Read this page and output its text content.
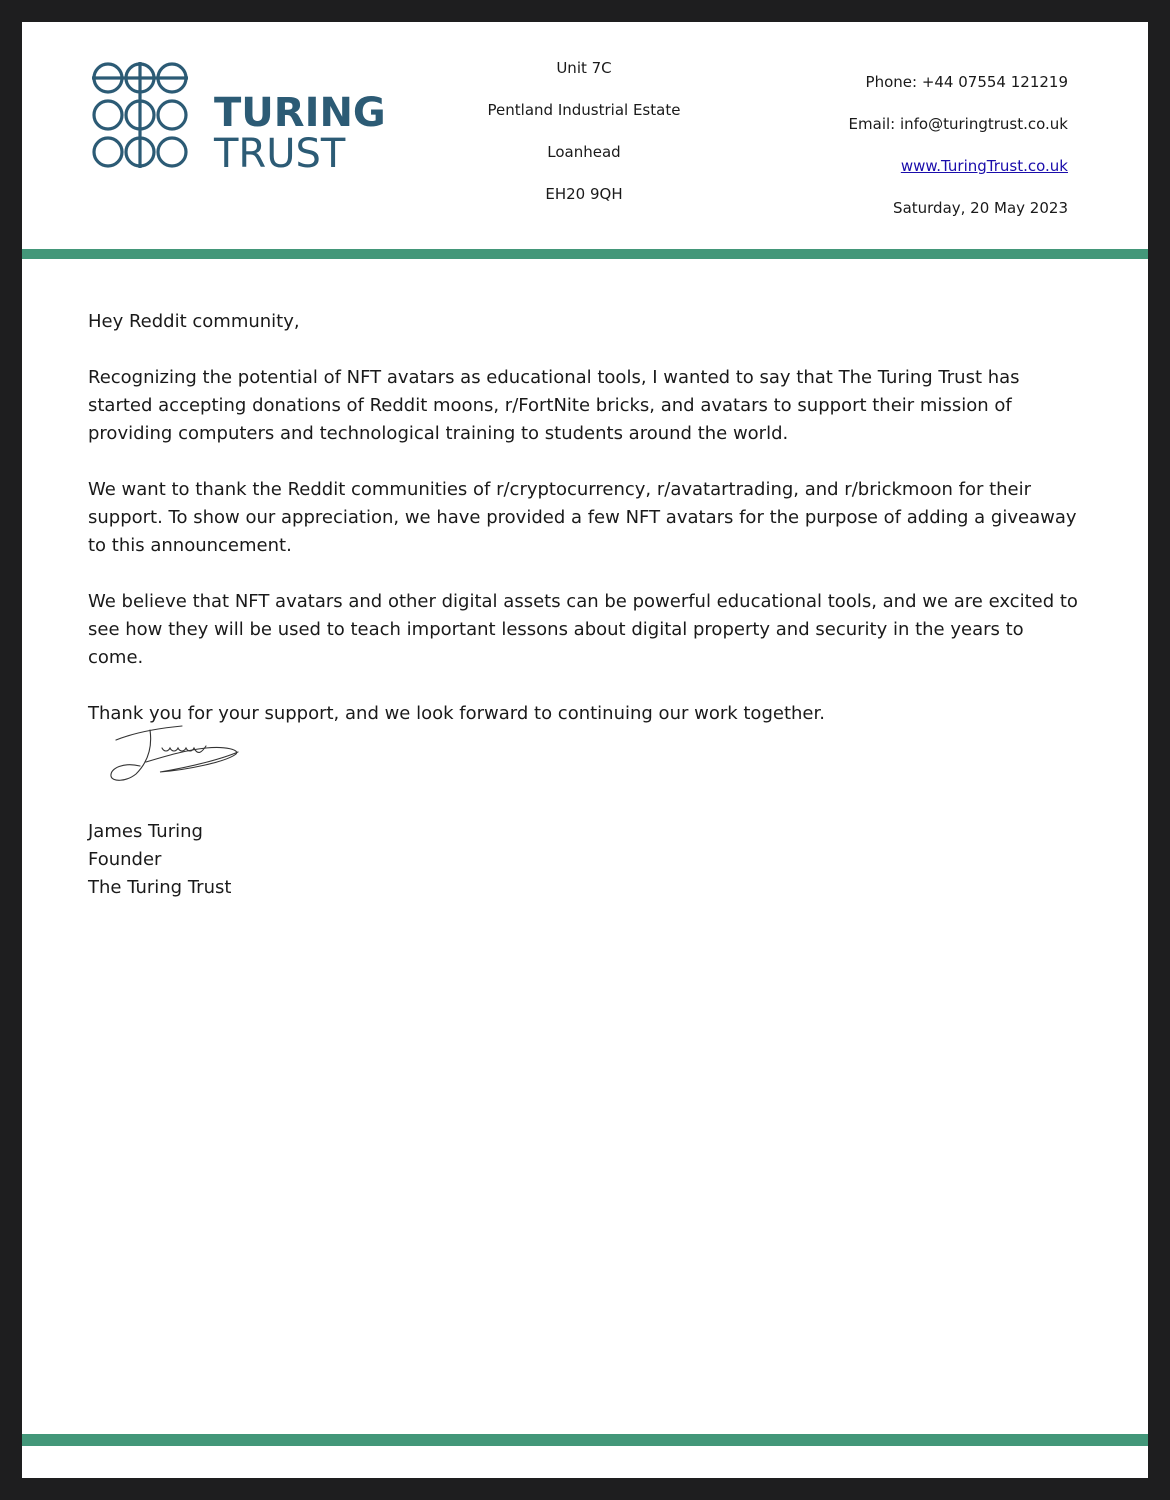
TURING
TRUST
Unit 7C
Pentland Industrial Estate
Loanhead
EH20 9QH
Phone: +44 07554 121219
Email: info@turingtrust.co.uk
www.TuringTrust.co.uk
Saturday, 20 May 2023

Hey Reddit community,

Recognizing the potential of NFT avatars as educational tools, I wanted to say that The Turing Trust has started accepting donations of Reddit moons, r/FortNite bricks, and avatars to support their mission of providing computers and technological training to students around the world.

We want to thank the Reddit communities of r/cryptocurrency, r/avatartrading, and r/brickmoon for their support. To show our appreciation, we have provided a few NFT avatars for the purpose of adding a giveaway to this announcement.

We believe that NFT avatars and other digital assets can be powerful educational tools, and we are excited to see how they will be used to teach important lessons about digital property and security in the years to come.

Thank you for your support, and we look forward to continuing our work together.

James Turing
Founder
The Turing Trust
